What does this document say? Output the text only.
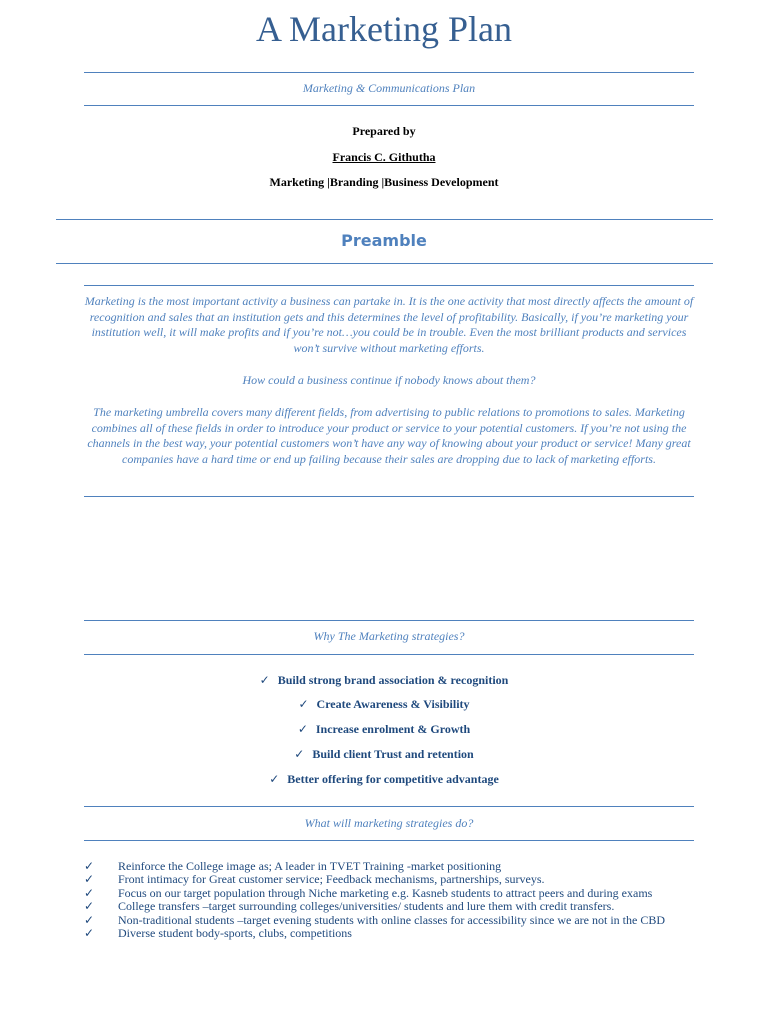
A Marketing Plan
Marketing & Communications Plan
Prepared by
Francis C. Githutha
Marketing |Branding |Business Development
Preamble
Marketing is the most important activity a business can partake in. It is the one activity that most directly affects the amount of recognition and sales that an institution gets and this determines the level of profitability. Basically, if you’re marketing your institution well, it will make profits and if you’re not…you could be in trouble. Even the most brilliant products and services won’t survive without marketing efforts.
How could a business continue if nobody knows about them?
The marketing umbrella covers many different fields, from advertising to public relations to promotions to sales. Marketing combines all of these fields in order to introduce your product or service to your potential customers. If you’re not using the channels in the best way, your potential customers won’t have any way of knowing about your product or service! Many great companies have a hard time or end up failing because their sales are dropping due to lack of marketing efforts.
Why The Marketing strategies?
✓ Build strong brand association & recognition
✓ Create Awareness & Visibility
✓ Increase enrolment & Growth
✓ Build client Trust and retention
✓ Better offering for competitive advantage
What will marketing strategies do?
✓	Reinforce the College image as; A leader in TVET Training -market positioning
✓	Front intimacy for Great customer service; Feedback mechanisms, partnerships, surveys.
✓	Focus on our target population through Niche marketing e.g. Kasneb students to attract peers and during exams
✓	College transfers –target surrounding colleges/universities/ students and lure them with credit transfers.
✓	Non-traditional students –target evening students with online classes for accessibility since we are not in the CBD
✓	Diverse student body-sports, clubs, competitions
